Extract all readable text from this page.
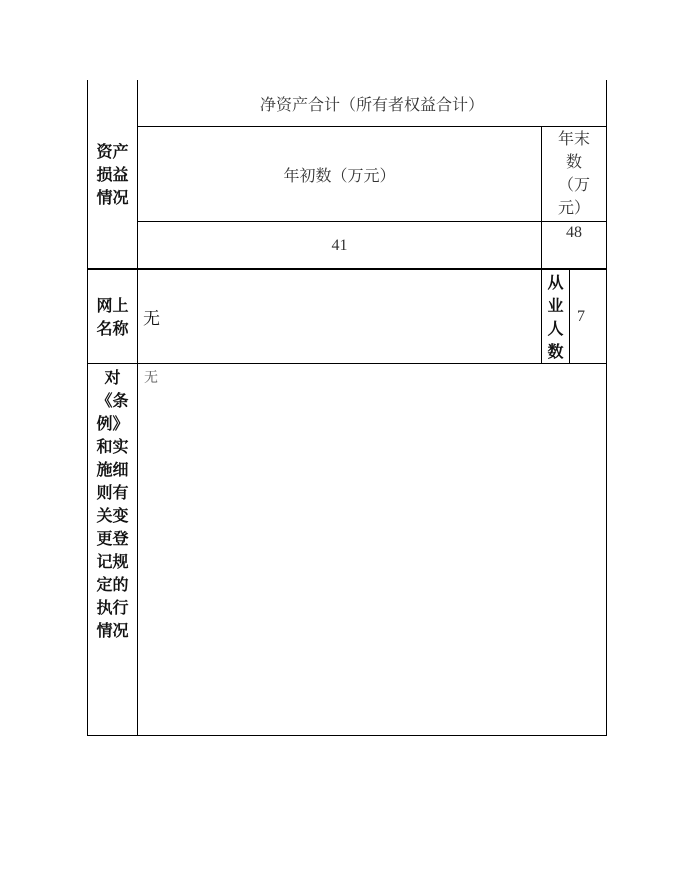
资产损益情况
净资产合计（所有者权益合计）
年初数（万元）
年末数（万元）
41
48
网上名称 无
从业人数
7
对《条例》和实施细则有关变更登记规定的执行情况
无
